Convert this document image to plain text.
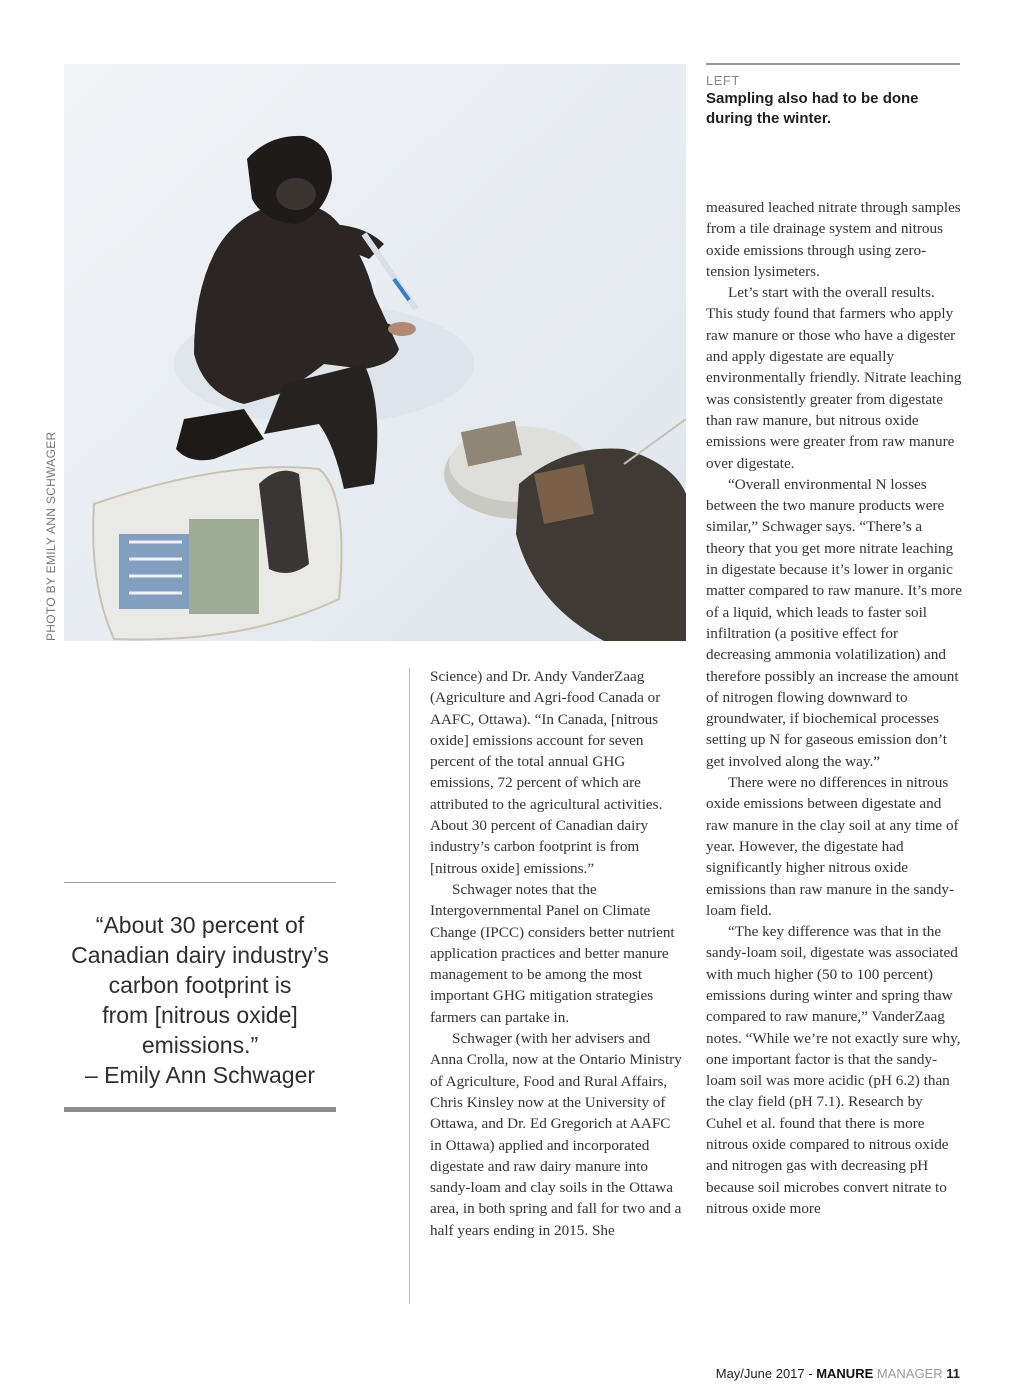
PHOTO BY EMILY ANN SCHWAGER
LEFT
Sampling also had to be done during the winter.
“About 30 percent of
Canadian dairy industry’s
carbon footprint is
from [nitrous oxide]
emissions.”
– Emily Ann Schwager

Science) and Dr. Andy VanderZaag (Agriculture and Agri-food Canada or AAFC, Ottawa). “In Canada, [nitrous oxide] emissions account for seven percent of the total annual GHG emissions, 72 percent of which are attributed to the agricultural activities. About 30 percent of Canadian dairy industry’s carbon footprint is from [nitrous oxide] emissions.”

Schwager notes that the Intergovernmental Panel on Climate Change (IPCC) considers better nutrient application practices and better manure management to be among the most important GHG mitigation strategies farmers can partake in.

Schwager (with her advisers and Anna Crolla, now at the Ontario Ministry of Agriculture, Food and Rural Affairs, Chris Kinsley now at the University of Ottawa, and Dr. Ed Gregorich at AAFC in Ottawa) applied and incorporated digestate and raw dairy manure into sandy-loam and clay soils in the Ottawa area, in both spring and fall for two and a half years ending in 2015. She

measured leached nitrate through samples from a tile drainage system and nitrous oxide emissions through using zero-tension lysimeters.

Let’s start with the overall results. This study found that farmers who apply raw manure or those who have a digester and apply digestate are equally environmentally friendly. Nitrate leaching was consistently greater from digestate than raw manure, but nitrous oxide emissions were greater from raw manure over digestate.

“Overall environmental N losses between the two manure products were similar,” Schwager says. “There’s a theory that you get more nitrate leaching in digestate because it’s lower in organic matter compared to raw manure. It’s more of a liquid, which leads to faster soil infiltration (a positive effect for decreasing ammonia volatilization) and therefore possibly an increase the amount of nitrogen flowing downward to groundwater, if biochemical processes setting up N for gaseous emission don’t get involved along the way.”

There were no differences in nitrous oxide emissions between digestate and raw manure in the clay soil at any time of year. However, the digestate had significantly higher nitrous oxide emissions than raw manure in the sandy-loam field.

“The key difference was that in the sandy-loam soil, digestate was associated with much higher (50 to 100 percent) emissions during winter and spring thaw compared to raw manure,” VanderZaag notes. “While we’re not exactly sure why, one important factor is that the sandy-loam soil was more acidic (pH 6.2) than the clay field (pH 7.1). Research by Cuhel et al. found that there is more nitrous oxide compared to nitrous oxide and nitrogen gas with decreasing pH because soil microbes convert nitrate to nitrous oxide more

May/June 2017 - MANURE MANAGER 11
